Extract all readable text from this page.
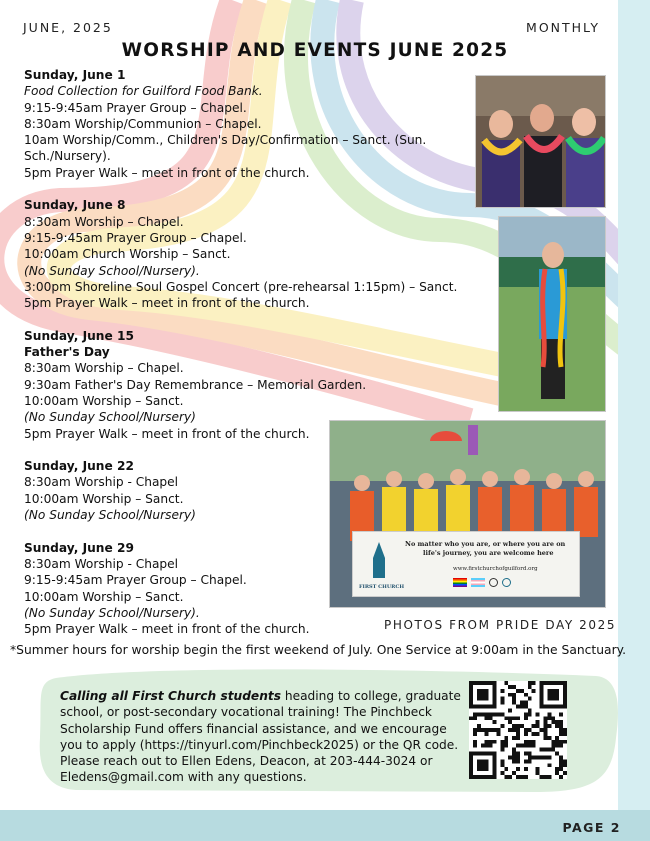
JUNE, 2025	MONTHLY
WORSHIP AND EVENTS JUNE 2025
Sunday, June 1
Food Collection for Guilford Food Bank.
9:15-9:45am Prayer Group – Chapel.
8:30am Worship/Communion – Chapel.
10am Worship/Comm., Children's Day/Confirmation – Sanct. (Sun. Sch./Nursery).
5pm Prayer Walk – meet in front of the church.
Sunday, June 8
8:30am Worship – Chapel.
9:15-9:45am Prayer Group – Chapel.
10:00am Church Worship – Sanct.
(No Sunday School/Nursery).
3:00pm Shoreline Soul Gospel Concert (pre-rehearsal 1:15pm) – Sanct.
5pm Prayer Walk – meet in front of the church.
Sunday, June 15
Father's Day
8:30am Worship – Chapel.
9:30am Father's Day Remembrance – Memorial Garden.
10:00am Worship – Sanct.
(No Sunday School/Nursery)
5pm Prayer Walk – meet in front of the church.
Sunday, June 22
8:30am Worship - Chapel
10:00am Worship – Sanct.
(No Sunday School/Nursery)
Sunday, June 29
8:30am Worship - Chapel
9:15-9:45am Prayer Group – Chapel.
10:00am Worship – Sanct.
(No Sunday School/Nursery).
5pm Prayer Walk – meet in front of the church.
FIRST CHURCH
No matter who you are, or where you are on
life's journey, you are welcome here
www.firstchurchofguilford.org
PHOTOS FROM PRIDE DAY 2025
*Summer hours for worship begin the first weekend of July. One Service at 9:00am in the Sanctuary.
Calling all First Church students heading to college, graduate school, or post-secondary vocational training! The Pinchbeck Scholarship Fund offers financial assistance, and we encourage you to apply (https://tinyurl.com/Pinchbeck2025) or the QR code. Please reach out to Ellen Edens, Deacon, at 203-444-3024 or Eledens@gmail.com with any questions.
PAGE 2
